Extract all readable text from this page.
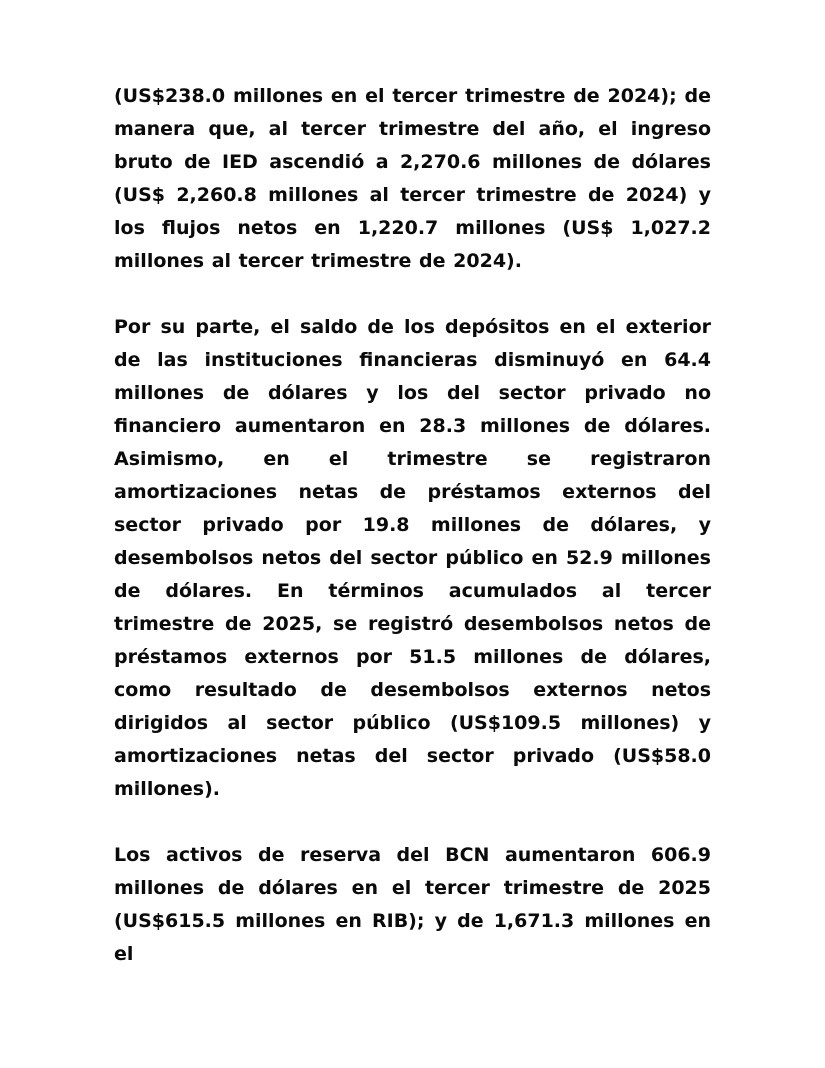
(US$238.0 millones en el tercer trimestre de 2024); de manera que, al tercer trimestre del año, el ingreso bruto de IED ascendió a 2,270.6 millones de dólares (US$ 2,260.8 millones al tercer trimestre de 2024) y los flujos netos en 1,220.7 millones (US$ 1,027.2 millones al tercer trimestre de 2024).

Por su parte, el saldo de los depósitos en el exterior de las instituciones financieras disminuyó en 64.4 millones de dólares y los del sector privado no financiero aumentaron en 28.3 millones de dólares. Asimismo, en el trimestre se registraron amortizaciones netas de préstamos externos del sector privado por 19.8 millones de dólares, y desembolsos netos del sector público en 52.9 millones de dólares. En términos acumulados al tercer trimestre de 2025, se registró desembolsos netos de préstamos externos por 51.5 millones de dólares, como resultado de desembolsos externos netos dirigidos al sector público (US$109.5 millones) y amortizaciones netas del sector privado (US$58.0 millones).

Los activos de reserva del BCN aumentaron 606.9 millones de dólares en el tercer trimestre de 2025 (US$615.5 millones en RIB); y de 1,671.3 millones en el
